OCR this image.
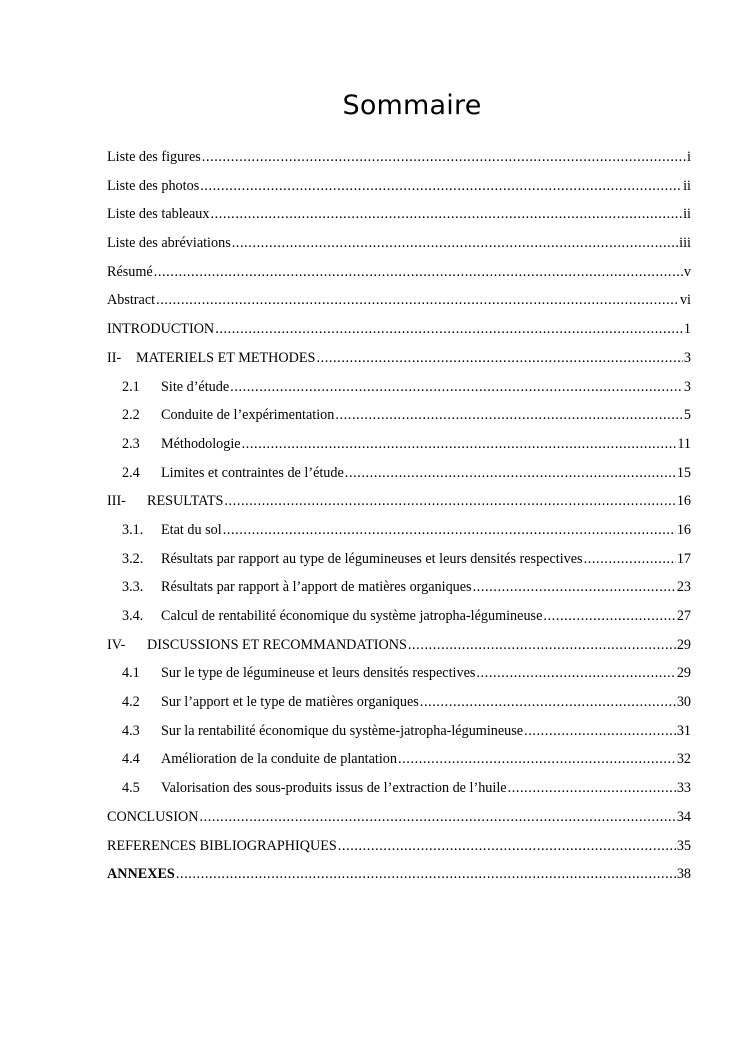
Sommaire
Liste des figures .....	i
Liste des photos .....	ii
Liste des tableaux .....	ii
Liste des abréviations .....	iii
Résumé .....	v
Abstract .....	vi
INTRODUCTION .....	1
II-	MATERIELS ET METHODES .....	3
2.1	Site d’étude .....	3
2.2	Conduite de l’expérimentation .....	5
2.3	Méthodologie .....	11
2.4	Limites et contraintes de l’étude .....	15
III-	RESULTATS .....	16
3.1.	Etat du sol .....	16
3.2.	Résultats par rapport au type de légumineuses et leurs densités respectives .....	17
3.3.	Résultats par rapport à l’apport de matières organiques .....	23
3.4.	Calcul de rentabilité économique du système jatropha-légumineuse .....	27
IV-	DISCUSSIONS ET RECOMMANDATIONS .....	29
4.1	Sur le type de légumineuse et leurs densités respectives .....	29
4.2	Sur l’apport et le type de matières organiques .....	30
4.3	Sur la rentabilité économique du système-jatropha-légumineuse .....	31
4.4	Amélioration de la conduite de plantation .....	32
4.5	Valorisation des sous-produits issus de l’extraction de l’huile .....	33
CONCLUSION .....	34
REFERENCES BIBLIOGRAPHIQUES .....	35
ANNEXES .....	38
